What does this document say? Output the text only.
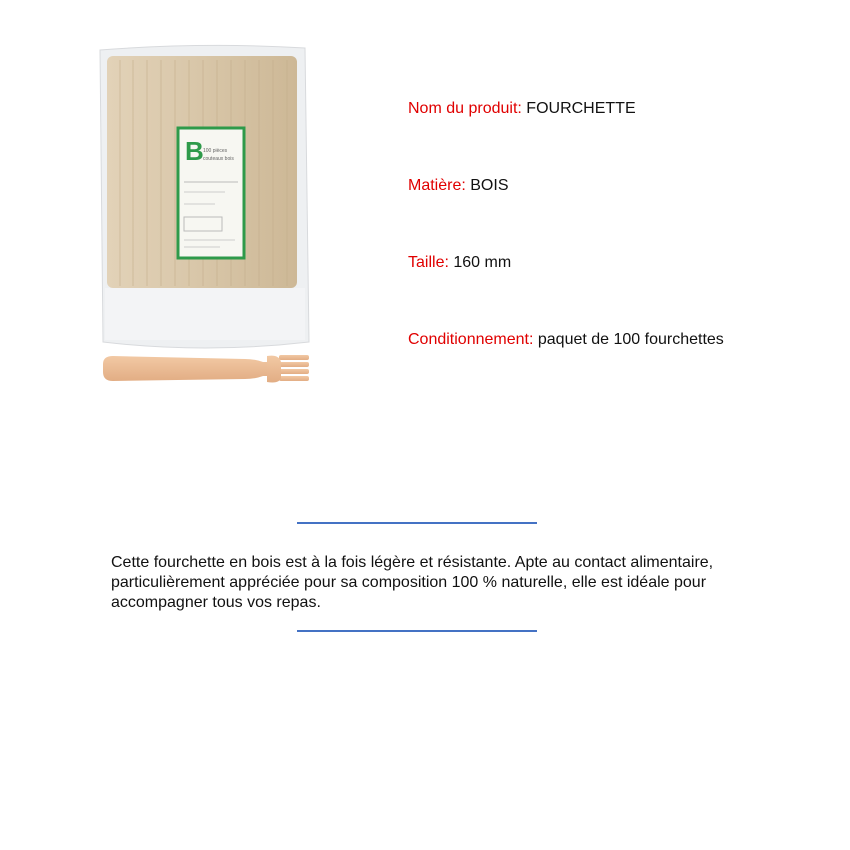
B 100 pièces
couteaux bois
Nom du produit: FOURCHETTE
Matière: BOIS
Taille: 160 mm
Conditionnement: paquet de 100 fourchettes

Cette fourchette en bois est à la fois légère et résistante. Apte au contact alimentaire, particulièrement appréciée pour sa composition 100 % naturelle, elle est idéale pour accompagner tous vos repas.
